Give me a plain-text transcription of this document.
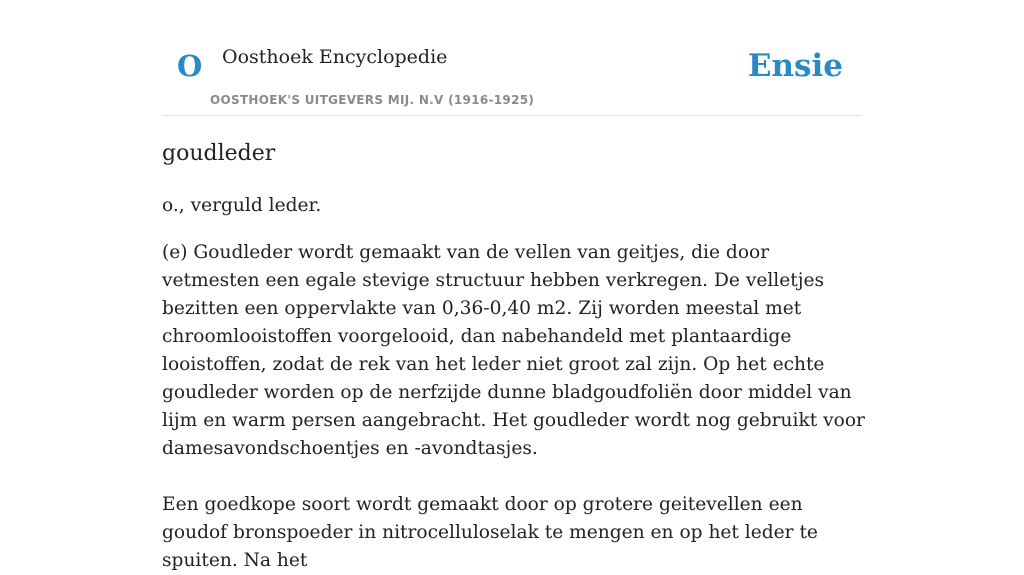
O Oosthoek Encyclopedie
OOSTHOEK'S UITGEVERS MIJ. N.V (1916-1925)
Ensie
goudleder

o., verguld leder.

(e) Goudleder wordt gemaakt van de vellen van geitjes, die door vetmesten een egale stevige structuur hebben verkregen. De velletjes bezitten een oppervlakte van 0,36-0,40 m2. Zij worden meestal met chroomlooistoffen voorgelooid, dan nabehandeld met plantaardige looistoffen, zodat de rek van het leder niet groot zal zijn. Op het echte goudleder worden op de nerfzijde dunne bladgoudfoliën door middel van lijm en warm persen aangebracht. Het goudleder wordt nog gebruikt voor damesavondschoentjes en -avondtasjes.

Een goedkope soort wordt gemaakt door op grotere geitevellen een goudof bronspoeder in nitrocelluloselak te mengen en op het leder te spuiten. Na het
